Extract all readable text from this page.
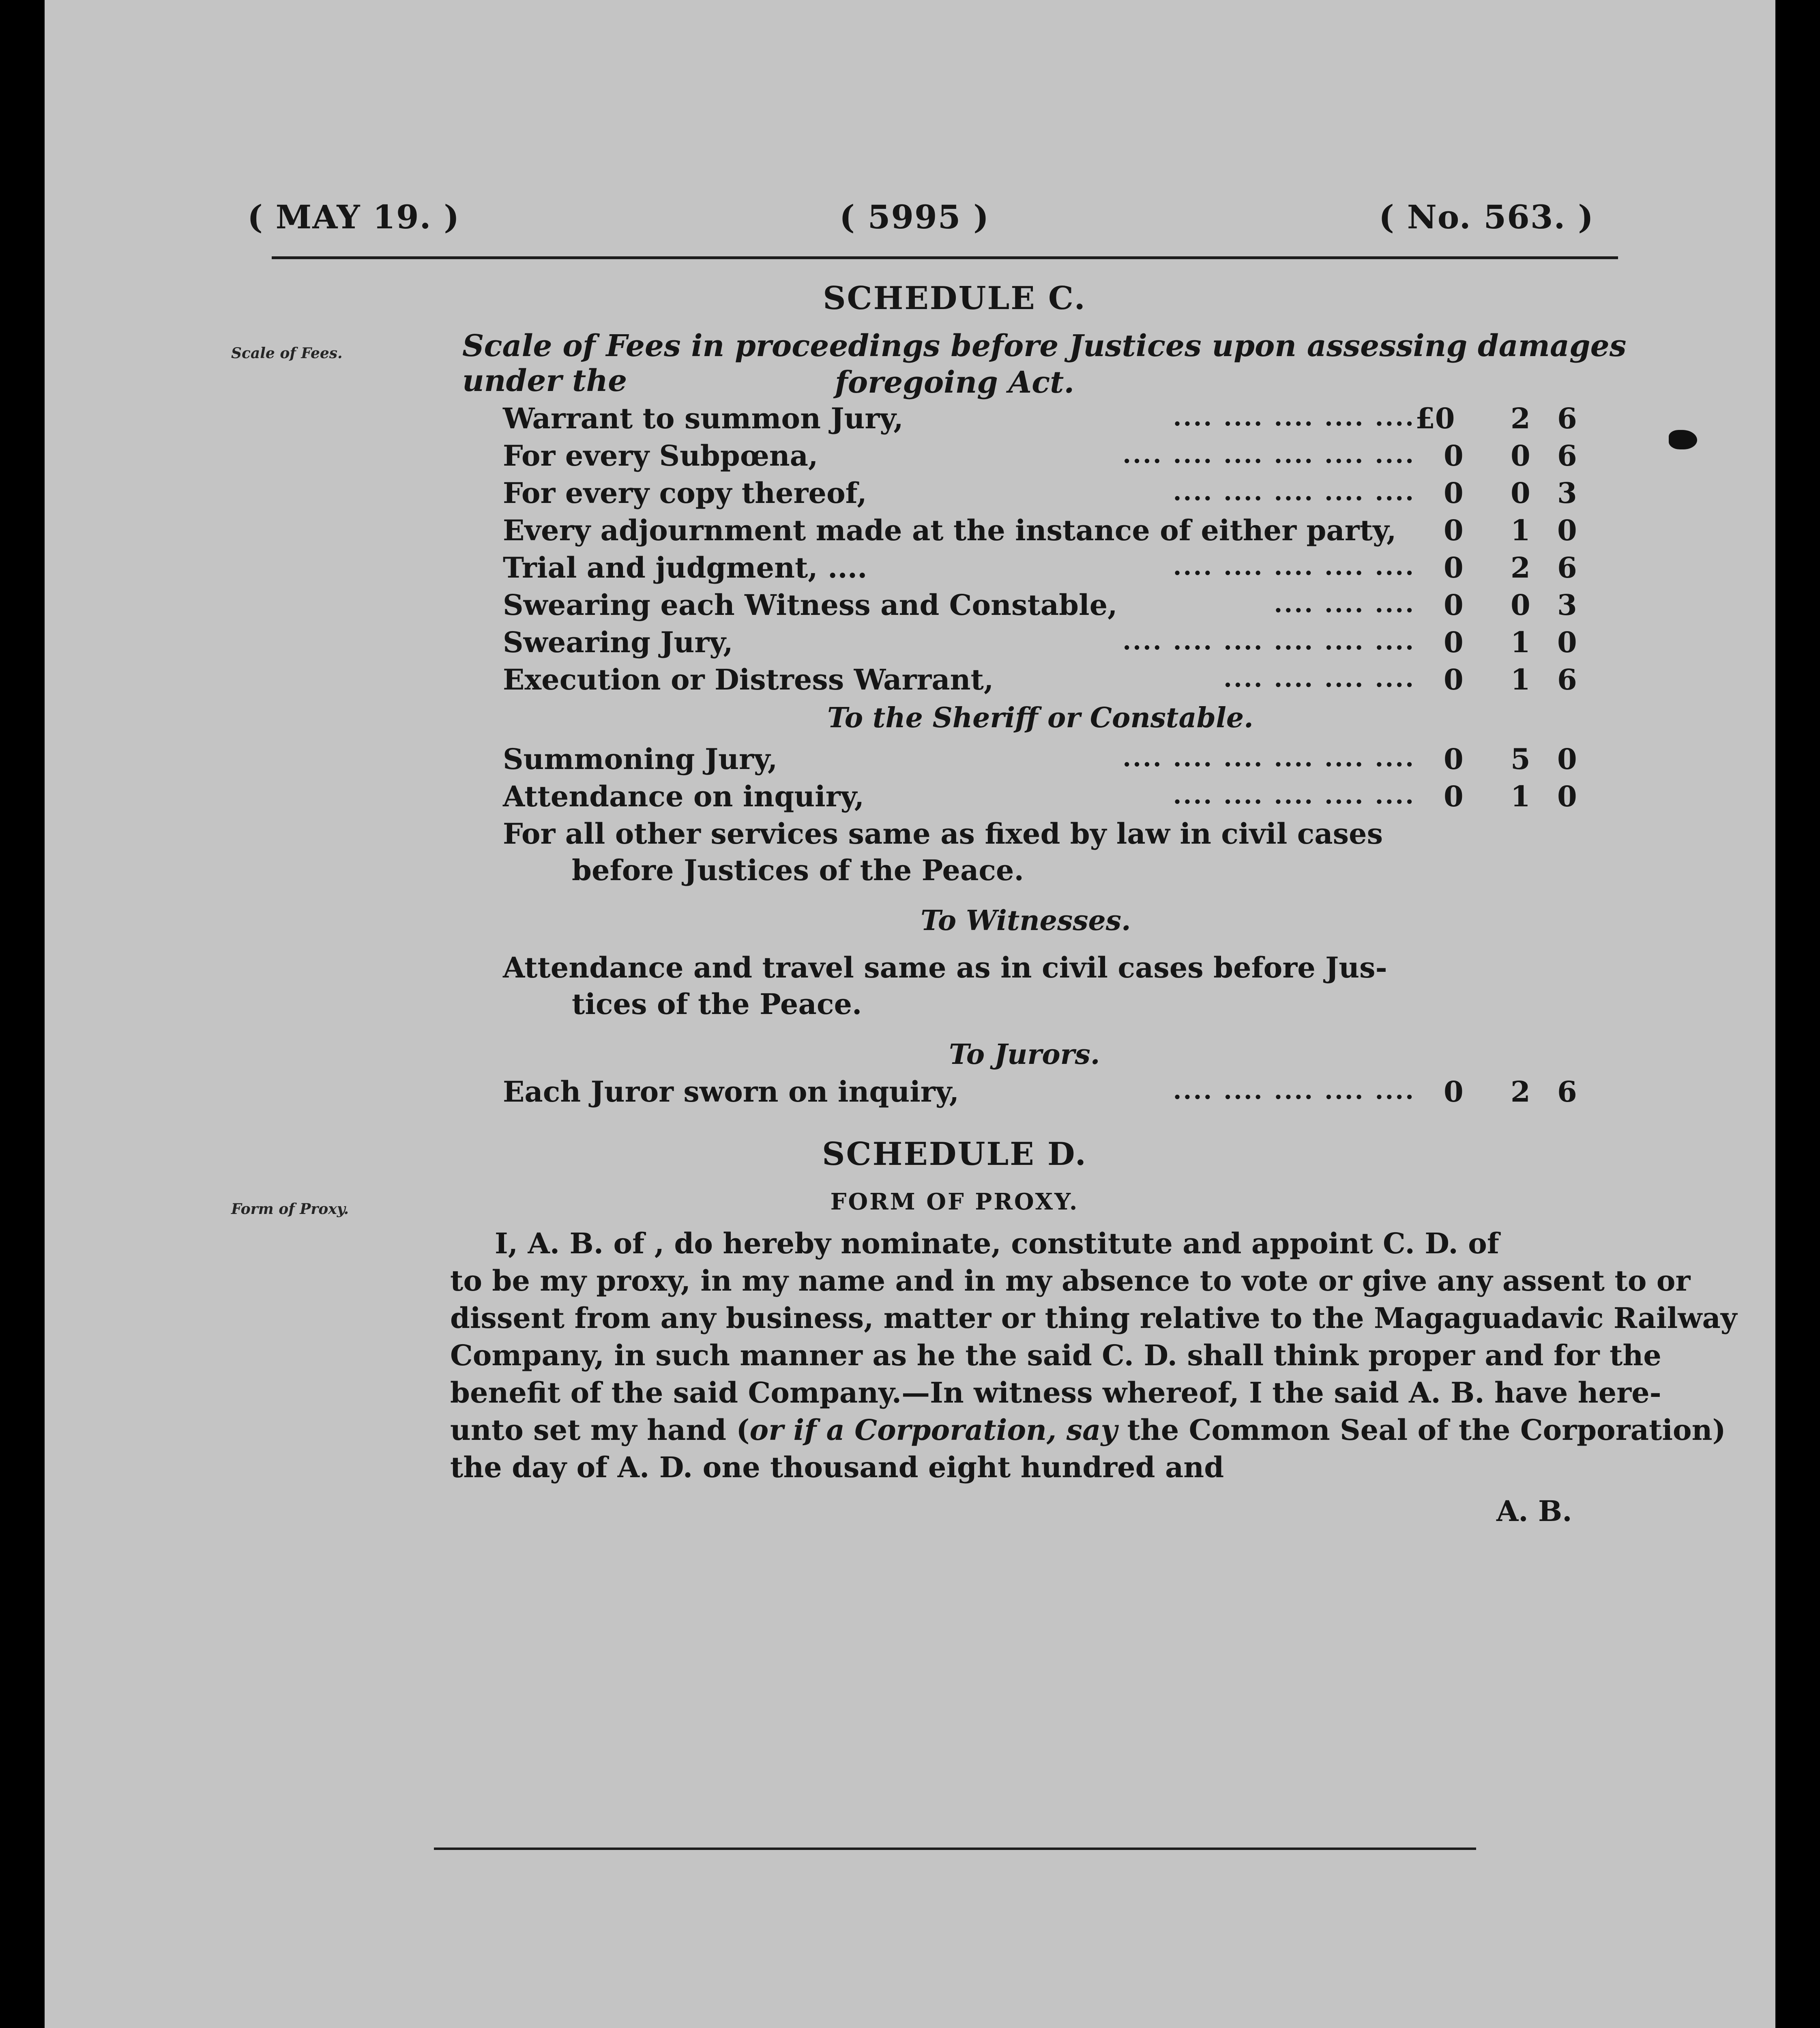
( MAY 19. )	( 5995 )	( No. 563. )
Scale of Fees.
Form of Proxy.
SCHEDULE C.
Scale of Fees in proceedings before Justices upon assessing damages under the	foregoing Act.
To the Sheriff or Constable.
For all other services same as fixed by law in civil cases
before Justices of the Peace.
To Witnesses.
Attendance and travel same as in civil cases before Jus-
tices of the Peace.
To Jurors.
SCHEDULE D.
FORM OF PROXY.
I, A. B. of , do hereby nominate, constitute and appoint C. D. of
to be my proxy, in my name and in my absence to vote or give any assent to or
dissent from any business, matter or thing relative to the Magaguadavic Railway
Company, in such manner as he the said C. D. shall think proper and for the
benefit of the said Company.—In witness whereof, I the said A. B. have here-
unto set my hand (or if a Corporation, say the Common Seal of the Corporation)
the day of A. D. one thousand eight hundred and
A. B.
Warrant to summon Jury,	.... .... .... .... .... £0 2 6
For every Subpœna,	.... .... .... .... .... .... 0 0 6
For every copy thereof,	.... .... .... .... .... 0 0 3
Every adjournment made at the instance of either party, 0 1 0
Trial and judgment, ....	.... .... .... .... .... 0 2 6
Swearing each Witness and Constable,	.... .... .... 0 0 3
Swearing Jury,	.... .... .... .... .... .... 0 1 0
Execution or Distress Warrant,	.... .... .... .... 0 1 6
Summoning Jury,	.... .... .... .... .... .... 0 5 0
Attendance on inquiry,	.... .... .... .... .... 0 1 0
Each Juror sworn on inquiry,	.... .... .... .... .... 0 2 6
